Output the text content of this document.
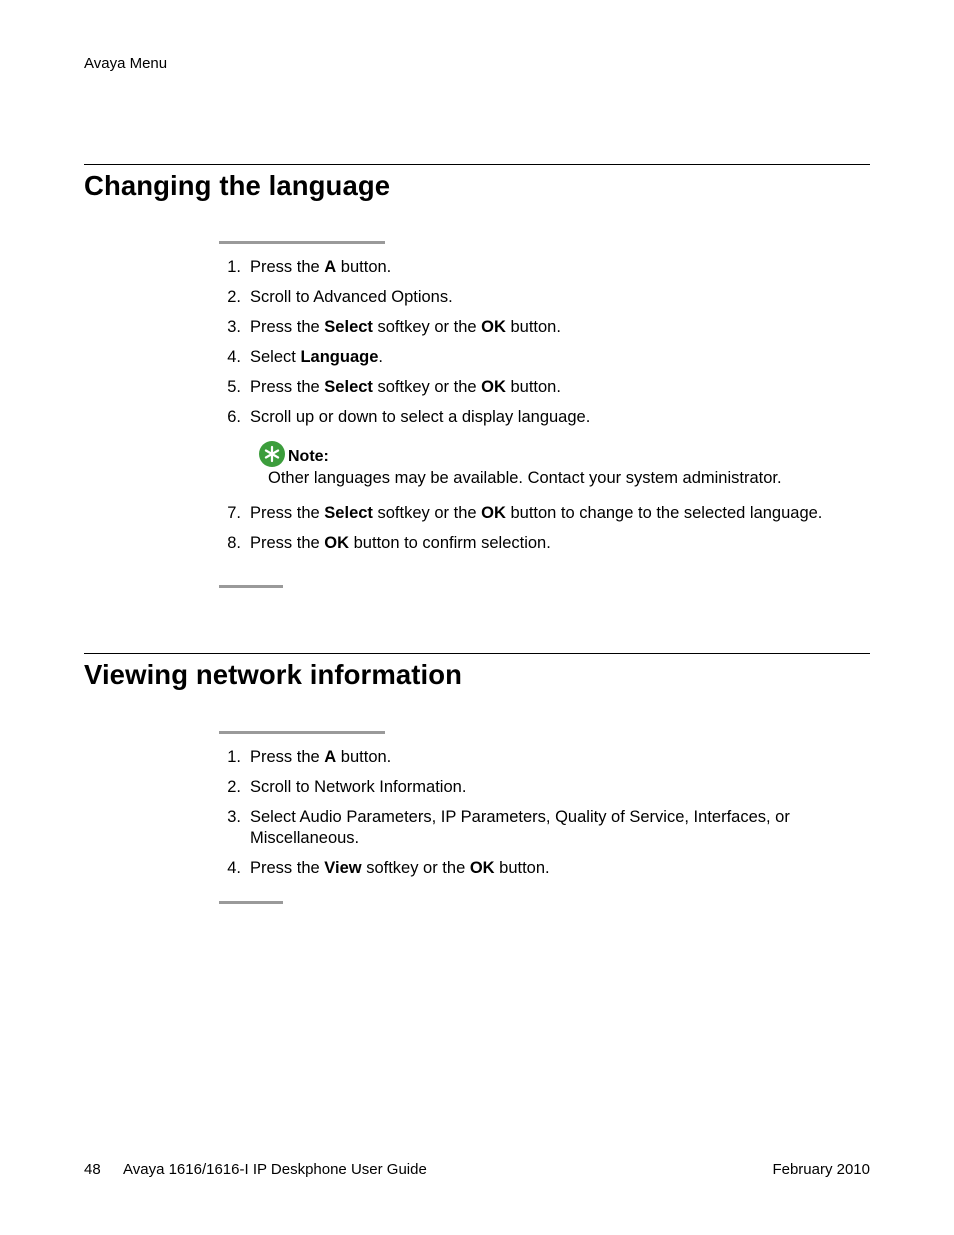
Avaya Menu
Changing the language
1. Press the A button.
2. Scroll to Advanced Options.
3. Press the Select softkey or the OK button.
4. Select Language.
5. Press the Select softkey or the OK button.
6. Scroll up or down to select a display language.
Note:
Other languages may be available. Contact your system administrator.
7. Press the Select softkey or the OK button to change to the selected language.
8. Press the OK button to confirm selection.
Viewing network information
1. Press the A button.
2. Scroll to Network Information.
3. Select Audio Parameters, IP Parameters, Quality of Service, Interfaces, or Miscellaneous.
4. Press the View softkey or the OK button.
48 Avaya 1616/1616-I IP Deskphone User Guide	February 2010
